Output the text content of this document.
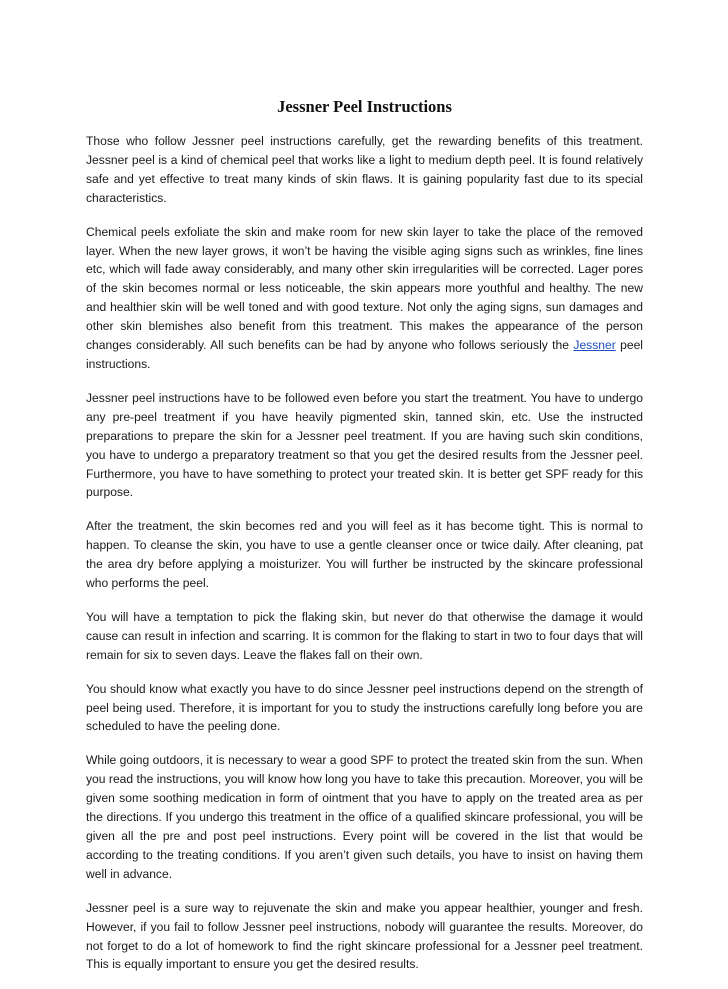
Jessner Peel Instructions

Those who follow Jessner peel instructions carefully, get the rewarding benefits of this treatment. Jessner peel is a kind of chemical peel that works like a light to medium depth peel. It is found relatively safe and yet effective to treat many kinds of skin flaws. It is gaining popularity fast due to its special characteristics.

Chemical peels exfoliate the skin and make room for new skin layer to take the place of the removed layer. When the new layer grows, it won’t be having the visible aging signs such as wrinkles, fine lines etc, which will fade away considerably, and many other skin irregularities will be corrected. Lager pores of the skin becomes normal or less noticeable, the skin appears more youthful and healthy. The new and healthier skin will be well toned and with good texture. Not only the aging signs, sun damages and other skin blemishes also benefit from this treatment. This makes the appearance of the person changes considerably. All such benefits can be had by anyone who follows seriously the Jessner peel instructions.

Jessner peel instructions have to be followed even before you start the treatment. You have to undergo any pre-peel treatment if you have heavily pigmented skin, tanned skin, etc. Use the instructed preparations to prepare the skin for a Jessner peel treatment. If you are having such skin conditions, you have to undergo a preparatory treatment so that you get the desired results from the Jessner peel. Furthermore, you have to have something to protect your treated skin. It is better get SPF ready for this purpose.

After the treatment, the skin becomes red and you will feel as it has become tight. This is normal to happen. To cleanse the skin, you have to use a gentle cleanser once or twice daily. After cleaning, pat the area dry before applying a moisturizer. You will further be instructed by the skincare professional who performs the peel.

You will have a temptation to pick the flaking skin, but never do that otherwise the damage it would cause can result in infection and scarring. It is common for the flaking to start in two to four days that will remain for six to seven days. Leave the flakes fall on their own.

You should know what exactly you have to do since Jessner peel instructions depend on the strength of peel being used. Therefore, it is important for you to study the instructions carefully long before you are scheduled to have the peeling done.

While going outdoors, it is necessary to wear a good SPF to protect the treated skin from the sun. When you read the instructions, you will know how long you have to take this precaution. Moreover, you will be given some soothing medication in form of ointment that you have to apply on the treated area as per the directions. If you undergo this treatment in the office of a qualified skincare professional, you will be given all the pre and post peel instructions. Every point will be covered in the list that would be according to the treating conditions. If you aren’t given such details, you have to insist on having them well in advance.

Jessner peel is a sure way to rejuvenate the skin and make you appear healthier, younger and fresh. However, if you fail to follow Jessner peel instructions, nobody will guarantee the results. Moreover, do not forget to do a lot of homework to find the right skincare professional for a Jessner peel treatment. This is equally important to ensure you get the desired results.
